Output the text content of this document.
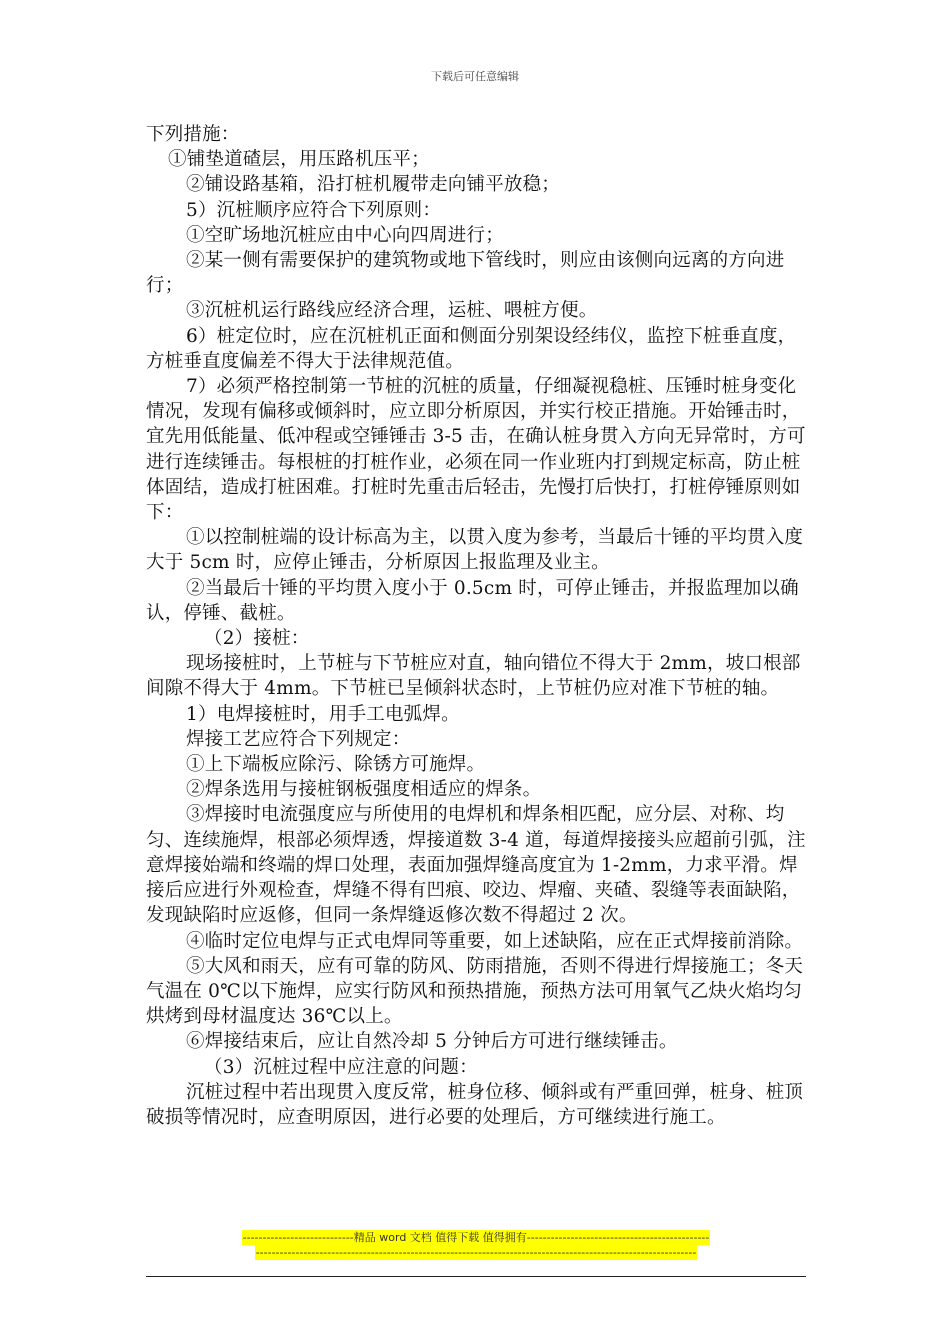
下载后可任意编辑

下列措施：

①铺垫道碴层，用压路机压平；

②铺设路基箱，沿打桩机履带走向铺平放稳；

5）沉桩顺序应符合下列原则：

①空旷场地沉桩应由中心向四周进行；

②某一侧有需要保护的建筑物或地下管线时，则应由该侧向远离的方向进行；

③沉桩机运行路线应经济合理，运桩、喂桩方便。

6）桩定位时，应在沉桩机正面和侧面分别架设经纬仪，监控下桩垂直度，方桩垂直度偏差不得大于法律规范值。

7）必须严格控制第一节桩的沉桩的质量，仔细凝视稳桩、压锤时桩身变化情况，发现有偏移或倾斜时，应立即分析原因，并实行校正措施。开始锤击时，宜先用低能量、低冲程或空锤锤击 3-5 击，在确认桩身贯入方向无异常时，方可进行连续锤击。每根桩的打桩作业，必须在同一作业班内打到规定标高，防止桩体固结，造成打桩困难。打桩时先重击后轻击，先慢打后快打，打桩停锤原则如下：

①以控制桩端的设计标高为主，以贯入度为参考，当最后十锤的平均贯入度大于 5cm 时，应停止锤击，分析原因上报监理及业主。

②当最后十锤的平均贯入度小于 0.5cm 时，可停止锤击，并报监理加以确认，停锤、截桩。

（2）接桩：

现场接桩时，上节桩与下节桩应对直，轴向错位不得大于 2mm，坡口根部间隙不得大于 4mm。下节桩已呈倾斜状态时，上节桩仍应对准下节桩的轴。

1）电焊接桩时，用手工电弧焊。

焊接工艺应符合下列规定：

①上下端板应除污、除锈方可施焊。

②焊条选用与接桩钢板强度相适应的焊条。

③焊接时电流强度应与所使用的电焊机和焊条相匹配，应分层、对称、均匀、连续施焊，根部必须焊透，焊接道数 3-4 道，每道焊接接头应超前引弧，注意焊接始端和终端的焊口处理，表面加强焊缝高度宜为 1-2mm，力求平滑。焊接后应进行外观检查，焊缝不得有凹痕、咬边、焊瘤、夹碴、裂缝等表面缺陷，发现缺陷时应返修，但同一条焊缝返修次数不得超过 2 次。

④临时定位电焊与正式电焊同等重要，如上述缺陷，应在正式焊接前消除。

⑤大风和雨天，应有可靠的防风、防雨措施，否则不得进行焊接施工；冬天气温在 0℃以下施焊，应实行防风和预热措施，预热方法可用氧气乙炔火焰均匀烘烤到母材温度达 36℃以上。

⑥焊接结束后，应让自然冷却 5 分钟后方可进行继续锤击。

（3）沉桩过程中应注意的问题：

沉桩过程中若出现贯入度反常，桩身位移、倾斜或有严重回弹，桩身、桩顶破损等情况时，应查明原因，进行必要的处理后，方可继续进行施工。

----------------------------精品 word 文档 值得下载 值得拥有----------------------------------------------
---------------------------------------------------------------------------------------------------------------
